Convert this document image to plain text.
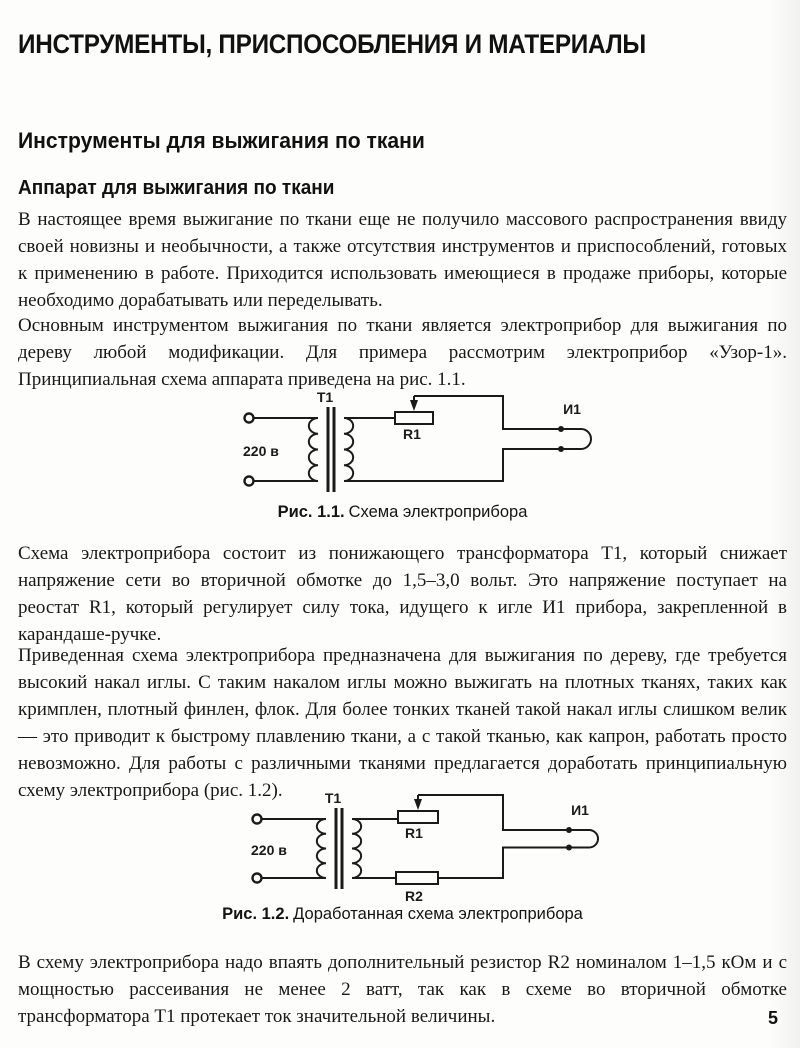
ИНСТРУМЕНТЫ, ПРИСПОСОБЛЕНИЯ И МАТЕРИАЛЫ
Инструменты для выжигания по ткани
Аппарат для выжигания по ткани

В настоящее время выжигание по ткани еще не получило массового распространения ввиду своей новизны и необычности, а также отсутствия инструментов и приспособлений, готовых к применению в работе. Приходится использовать имеющиеся в продаже приборы, которые необходимо дорабатывать или переделывать.

Основным инструментом выжигания по ткани является электроприбор для выжигания по дереву любой модификации. Для примера рассмотрим электроприбор «Узор-1». Принципиальная схема аппарата приведена на рис. 1.1.

Т1
220 в
R1
И1
Рис. 1.1. Схема электроприбора

Схема электроприбора состоит из понижающего трансформатора Т1, который снижает напряжение сети во вторичной обмотке до 1,5–3,0 вольт. Это напряжение поступает на реостат R1, который регулирует силу тока, идущего к игле И1 прибора, закрепленной в карандаше-ручке.

Приведенная схема электроприбора предназначена для выжигания по дереву, где требуется высокий накал иглы. С таким накалом иглы можно выжигать на плотных тканях, таких как кримплен, плотный финлен, флок. Для более тонких тканей такой накал иглы слишком велик — это приводит к быстрому плавлению ткани, а с такой тканью, как капрон, работать просто невозможно. Для работы с различными тканями предлагается доработать принципиальную схему электроприбора (рис. 1.2).	Т1
220 в
R1
R2
И1
Рис. 1.2. Доработанная схема электроприбора

В схему электроприбора надо впаять дополнительный резистор R2 номиналом 1–1,5 кОм и с мощностью рассеивания не менее 2 ватт, так как в схеме во вторичной обмотке трансформатора Т1 протекает ток значительной величины.	5
